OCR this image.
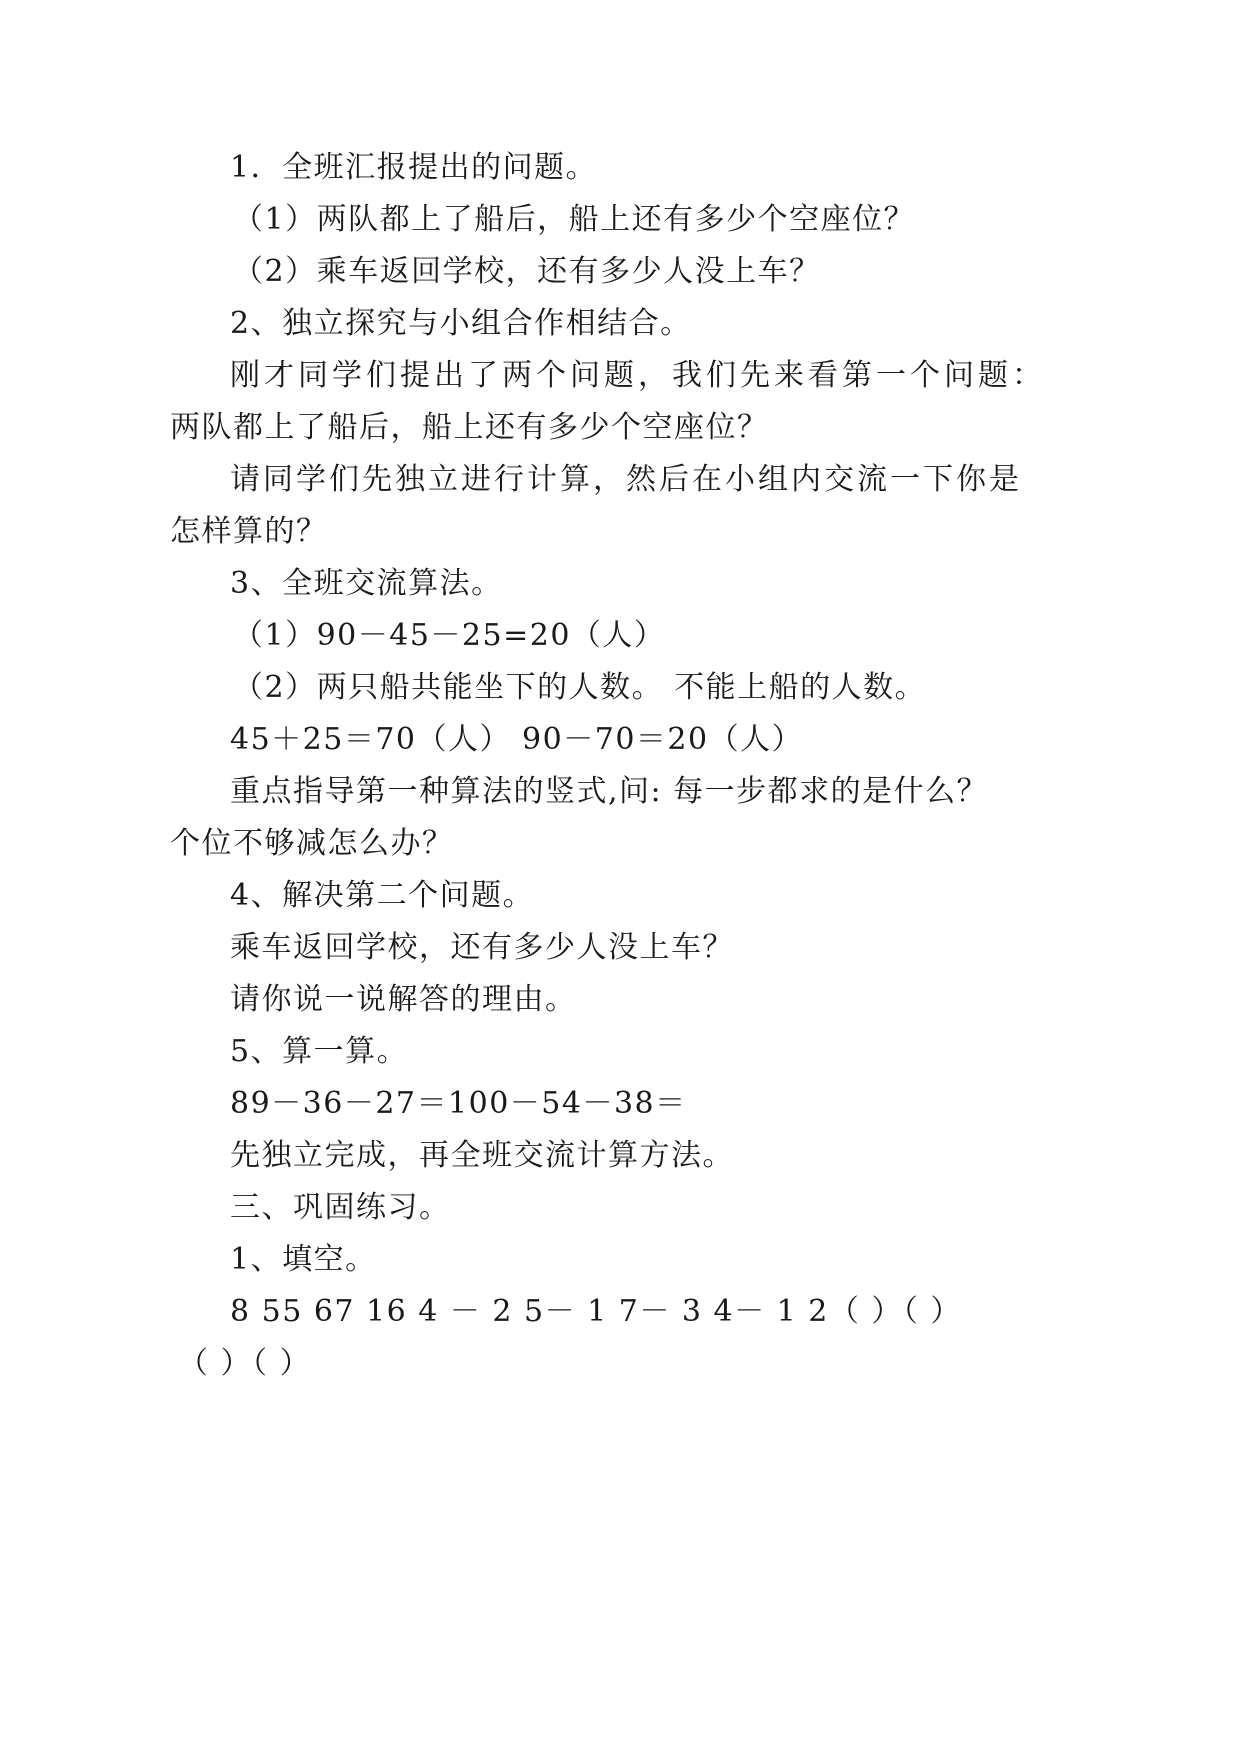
1．全班汇报提出的问题。
（1）两队都上了船后，船上还有多少个空座位？
（2）乘车返回学校，还有多少人没上车？
2、独立探究与小组合作相结合。
刚才同学们提出了两个问题，我们先来看第一个问题：
两队都上了船后，船上还有多少个空座位？
请同学们先独立进行计算，然后在小组内交流一下你是
怎样算的？
3、全班交流算法。
（1）90－45－25=20（人）
（2）两只船共能坐下的人数。 不能上船的人数。
45＋25＝70（人） 90－70＝20（人）
重点指导第一种算法的竖式,问: 每一步都求的是什么？
个位不够减怎么办？
4、解决第二个问题。
乘车返回学校，还有多少人没上车？
请你说一说解答的理由。
5、算一算。
89－36－27＝100－54－38＝
先独立完成，再全班交流计算方法。
三、巩固练习。
1、填空。
8 55 67 16 4 － 2 5－ 1 7－ 3 4－ 1 2（ ）（ ）
（ ）（ ）
